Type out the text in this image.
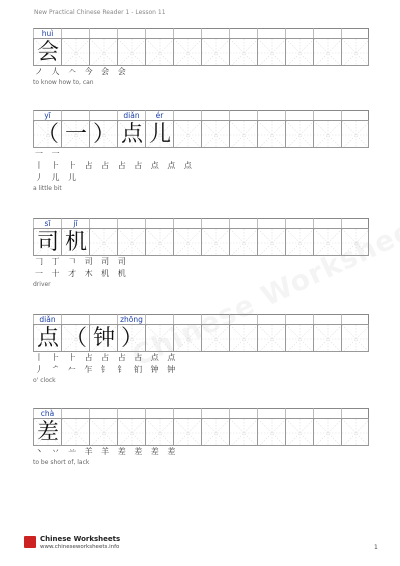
New Practical Chinese Reader 1 - Lesson 11
huì
会
ノ 人 𠆢 今 会 会
to know how to, can
yī	diǎn	ér
（ 一 ） 点 儿
一 一
丨 ⺊ ⺊ 占 占 占 占 点 点 点
丿 儿 儿
a little bit
sī	jī
司 机
𠃌 丁 𠃍 司 司 司
一 十 才 木 机 机
driver
diǎn	zhōng
点 （ 钟 ）
丨 ⺊ ⺊ 占 占 占 占 点 点
丿 ᄼ 𠂉 乍 钅 钅 钔 钟 钟
o' clock
chà
差
丶 丷 䒑 羊 羊 差 差 差 差
to be short of, lack
Chinese Worksheets
www.chineseworksheets.info	1
